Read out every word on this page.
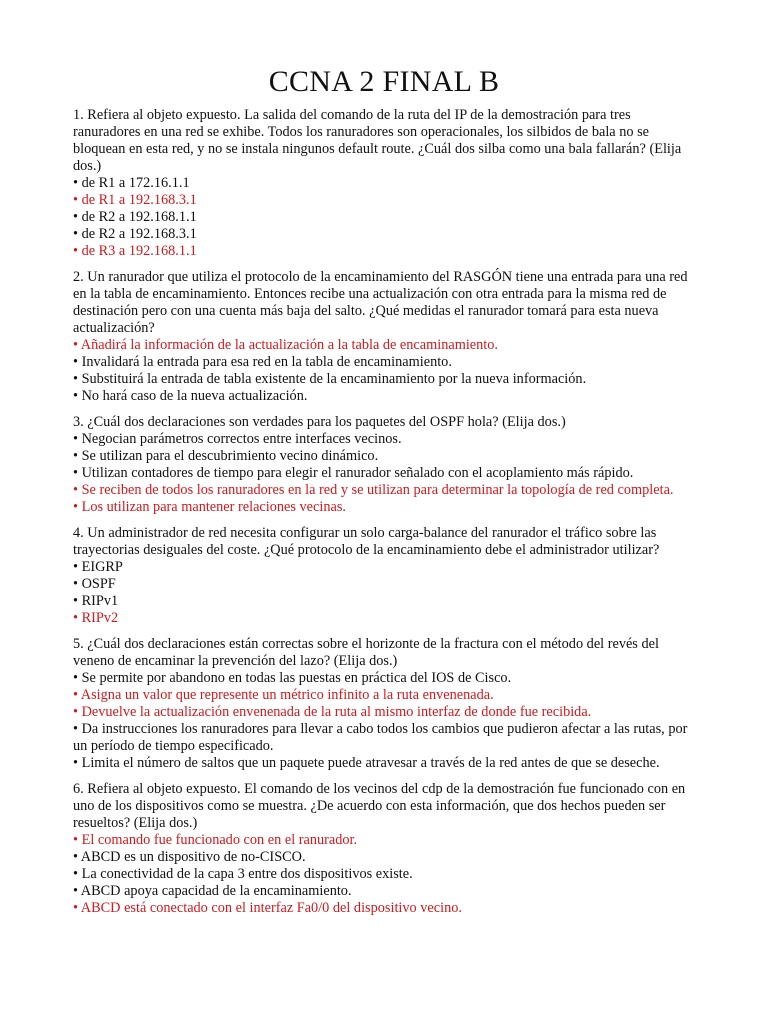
CCNA 2 FINAL B

1. Refiera al objeto expuesto. La salida del comando de la ruta del IP de la demostración para tres ranuradores en una red se exhibe. Todos los ranuradores son operacionales, los silbidos de bala no se bloquean en esta red, y no se instala ningunos default route. ¿Cuál dos silba como una bala fallarán? (Elija dos.)

• de R1 a 172.16.1.1

• de R1 a 192.168.3.1

• de R2 a 192.168.1.1

• de R2 a 192.168.3.1

• de R3 a 192.168.1.1

2. Un ranurador que utiliza el protocolo de la encaminamiento del RASGÓN tiene una entrada para una red en la tabla de encaminamiento. Entonces recibe una actualización con otra entrada para la misma red de destinación pero con una cuenta más baja del salto. ¿Qué medidas el ranurador tomará para esta nueva actualización?

• Añadirá la información de la actualización a la tabla de encaminamiento.

• Invalidará la entrada para esa red en la tabla de encaminamiento.

• Substituirá la entrada de tabla existente de la encaminamiento por la nueva información.

• No hará caso de la nueva actualización.

3. ¿Cuál dos declaraciones son verdades para los paquetes del OSPF hola? (Elija dos.)

• Negocian parámetros correctos entre interfaces vecinos.

• Se utilizan para el descubrimiento vecino dinámico.

• Utilizan contadores de tiempo para elegir el ranurador señalado con el acoplamiento más rápido.

• Se reciben de todos los ranuradores en la red y se utilizan para determinar la topología de red completa.

• Los utilizan para mantener relaciones vecinas.

4. Un administrador de red necesita configurar un solo carga-balance del ranurador el tráfico sobre las trayectorias desiguales del coste. ¿Qué protocolo de la encaminamiento debe el administrador utilizar?

• EIGRP

• OSPF

• RIPv1

• RIPv2

5. ¿Cuál dos declaraciones están correctas sobre el horizonte de la fractura con el método del revés del veneno de encaminar la prevención del lazo? (Elija dos.)

• Se permite por abandono en todas las puestas en práctica del IOS de Cisco.

• Asigna un valor que represente un métrico infinito a la ruta envenenada.

• Devuelve la actualización envenenada de la ruta al mismo interfaz de donde fue recibida.

• Da instrucciones los ranuradores para llevar a cabo todos los cambios que pudieron afectar a las rutas, por un período de tiempo especificado.

• Limita el número de saltos que un paquete puede atravesar a través de la red antes de que se deseche.

6. Refiera al objeto expuesto. El comando de los vecinos del cdp de la demostración fue funcionado con en uno de los dispositivos como se muestra. ¿De acuerdo con esta información, que dos hechos pueden ser resueltos? (Elija dos.)

• El comando fue funcionado con en el ranurador.

• ABCD es un dispositivo de no-CISCO.

• La conectividad de la capa 3 entre dos dispositivos existe.

• ABCD apoya capacidad de la encaminamiento.

• ABCD está conectado con el interfaz Fa0/0 del dispositivo vecino.
